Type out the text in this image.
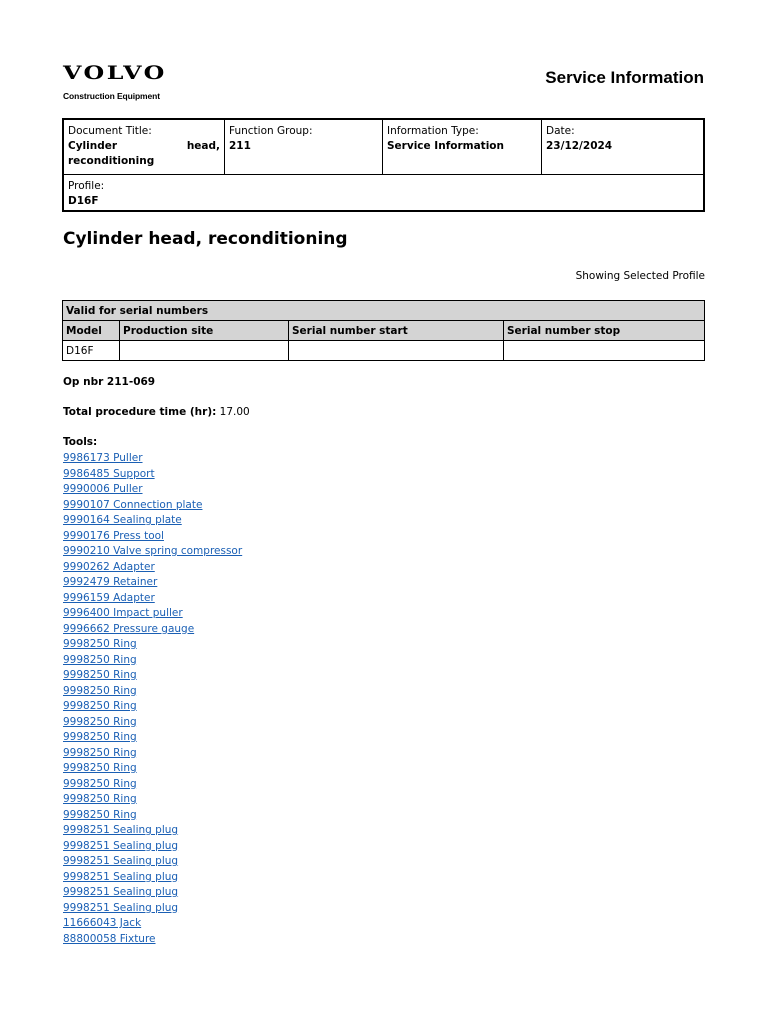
VOLVO
Construction Equipment
Service Information
Document Title:
Cylinder	head,
reconditioning
Function Group:
211
Information Type:
Service Information
Date:
23/12/2024
Profile:
D16F
Cylinder head, reconditioning
Showing Selected Profile
Valid for serial numbers			
Model	Production site	Serial number start	Serial number stop
D16F			
Op nbr 211-069
Total procedure time (hr): 17.00
Tools:
9986173 Puller
9986485 Support
9990006 Puller
9990107 Connection plate
9990164 Sealing plate
9990176 Press tool
9990210 Valve spring compressor
9990262 Adapter
9992479 Retainer
9996159 Adapter
9996400 Impact puller
9996662 Pressure gauge
9998250 Ring
9998250 Ring
9998250 Ring
9998250 Ring
9998250 Ring
9998250 Ring
9998250 Ring
9998250 Ring
9998250 Ring
9998250 Ring
9998250 Ring
9998250 Ring
9998251 Sealing plug
9998251 Sealing plug
9998251 Sealing plug
9998251 Sealing plug
9998251 Sealing plug
9998251 Sealing plug
11666043 Jack
88800058 Fixture
